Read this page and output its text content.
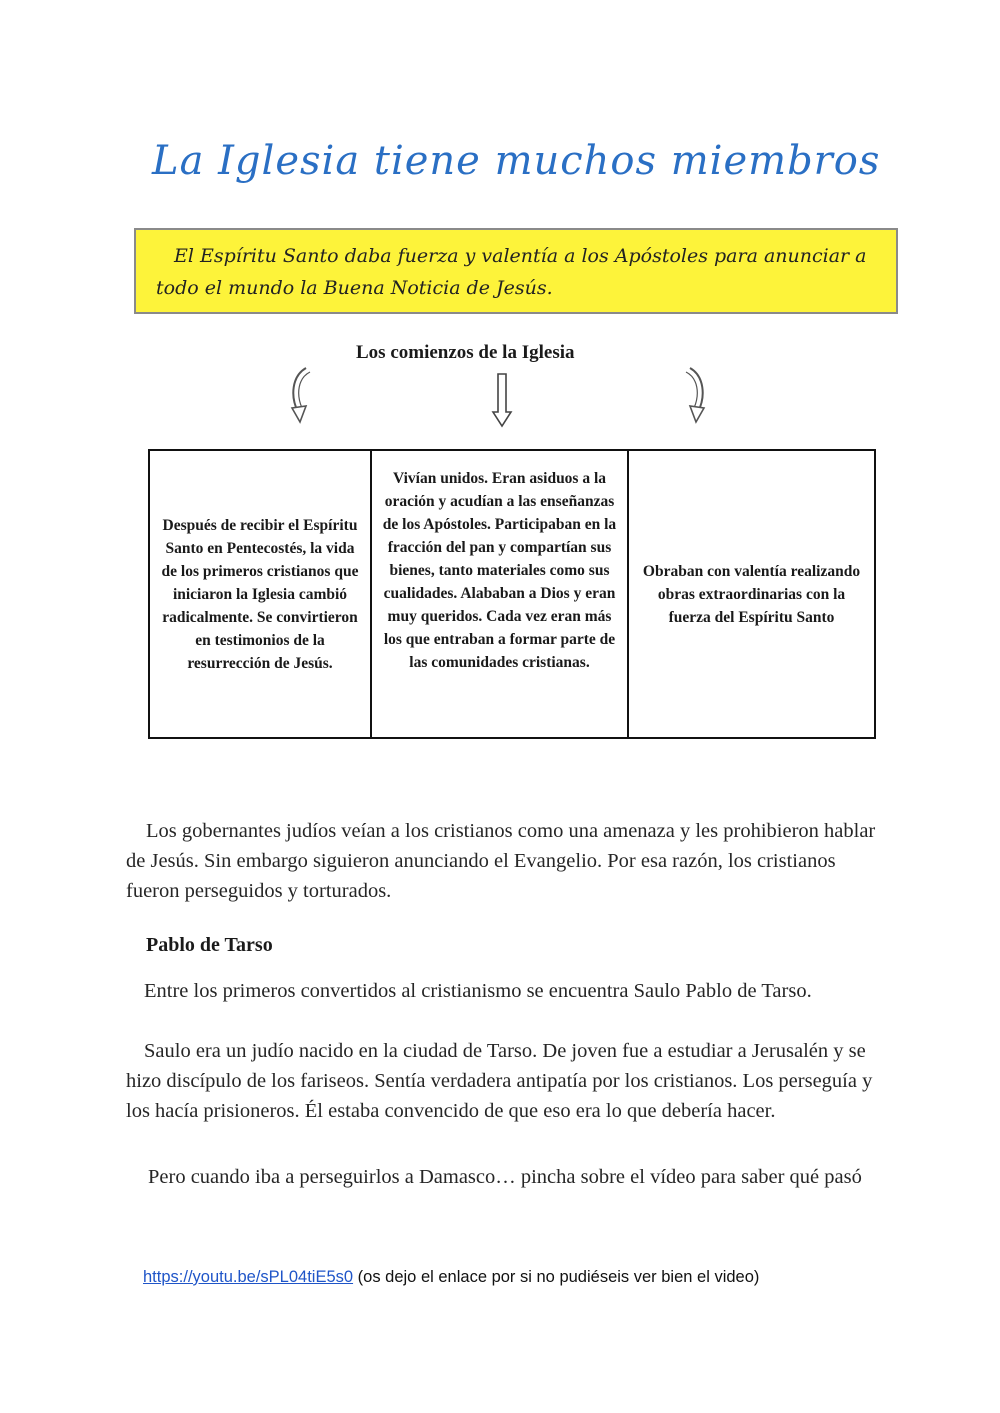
La Iglesia tiene muchos miembros
El Espíritu Santo daba fuerza y valentía a los Apóstoles para anunciar a todo el mundo la Buena Noticia de Jesús.
Los comienzos de la Iglesia
Después de recibir el Espíritu Santo en Pentecostés, la vida de los primeros cristianos que iniciaron la Iglesia cambió radicalmente. Se convirtieron en testimonios de la resurrección de Jesús.
Vivían unidos. Eran asiduos a la oración y acudían a las enseñanzas de los Apóstoles. Participaban en la fracción del pan y compartían sus bienes, tanto materiales como sus cualidades. Alababan a Dios y eran muy queridos. Cada vez eran más los que entraban a formar parte de las comunidades cristianas.
Obraban con valentía realizando obras extraordinarias con la fuerza del Espíritu Santo
Los gobernantes judíos veían a los cristianos como una amenaza y les prohibieron hablar de Jesús. Sin embargo siguieron anunciando el Evangelio. Por esa razón, los cristianos fueron perseguidos y torturados.
Pablo de Tarso
Entre los primeros convertidos al cristianismo se encuentra Saulo Pablo de Tarso.
Saulo era un judío nacido en la ciudad de Tarso. De joven fue a estudiar a Jerusalén y se hizo discípulo de los fariseos. Sentía verdadera antipatía por los cristianos. Los perseguía y los hacía prisioneros. Él estaba convencido de que eso era lo que debería hacer.
Pero cuando iba a perseguirlos a Damasco… pincha sobre el vídeo para saber qué pasó
https://youtu.be/sPL04tiE5s0 (os dejo el enlace por si no pudiéseis ver bien el video)
